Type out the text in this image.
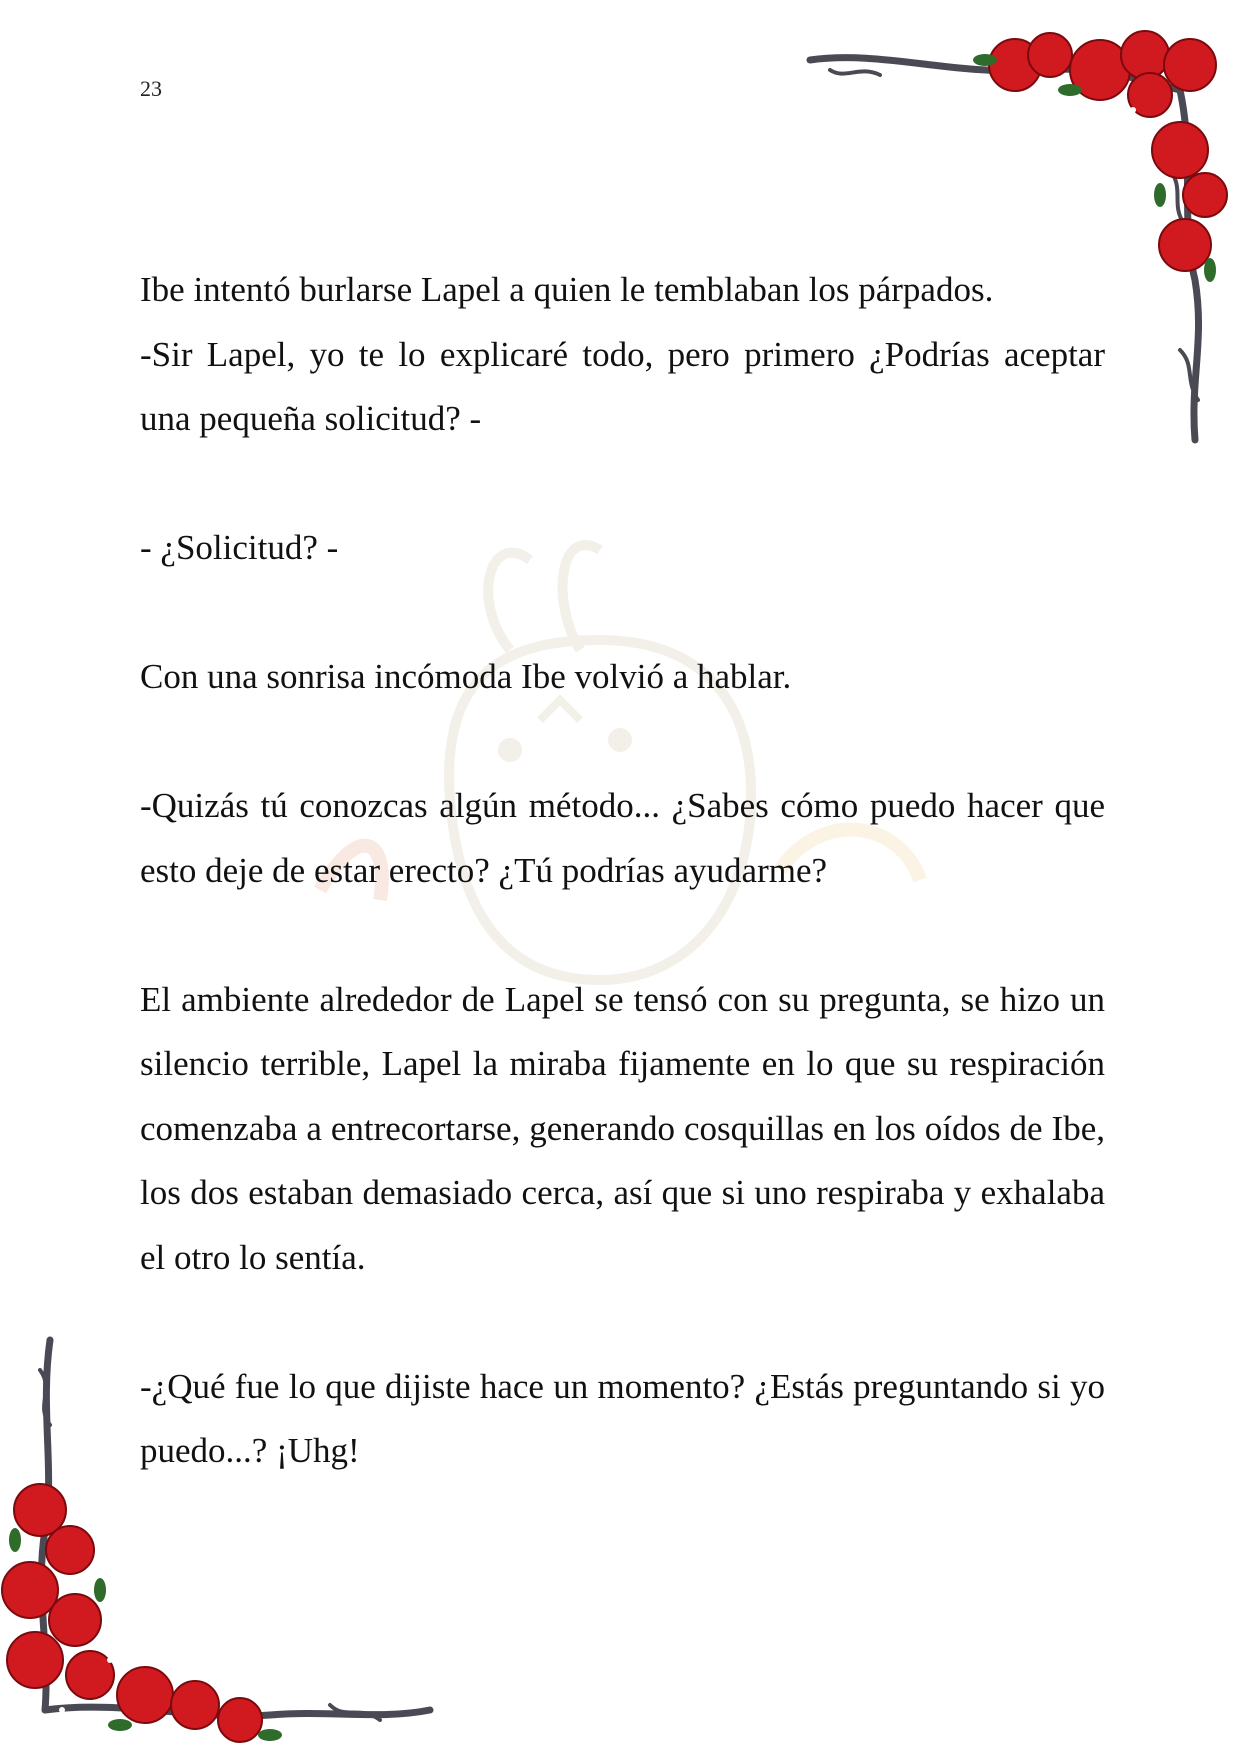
23

Ibe intentó burlarse Lapel a quien le temblaban los párpados.

-Sir Lapel, yo te lo explicaré todo, pero primero ¿Podrías aceptar una pequeña solicitud? -

- ¿Solicitud? -

Con una sonrisa incómoda Ibe volvió a hablar.

-Quizás tú conozcas algún método... ¿Sabes cómo puedo hacer que esto deje de estar erecto? ¿Tú podrías ayudarme?

El ambiente alrededor de Lapel se tensó con su pregunta, se hizo un silencio terrible, Lapel la miraba fijamente en lo que su respiración comenzaba a entrecortarse, generando cosquillas en los oídos de Ibe, los dos estaban demasiado cerca, así que si uno respiraba y exhalaba el otro lo sentía.

-¿Qué fue lo que dijiste hace un momento? ¿Estás preguntando si yo puedo...? ¡Uhg!
